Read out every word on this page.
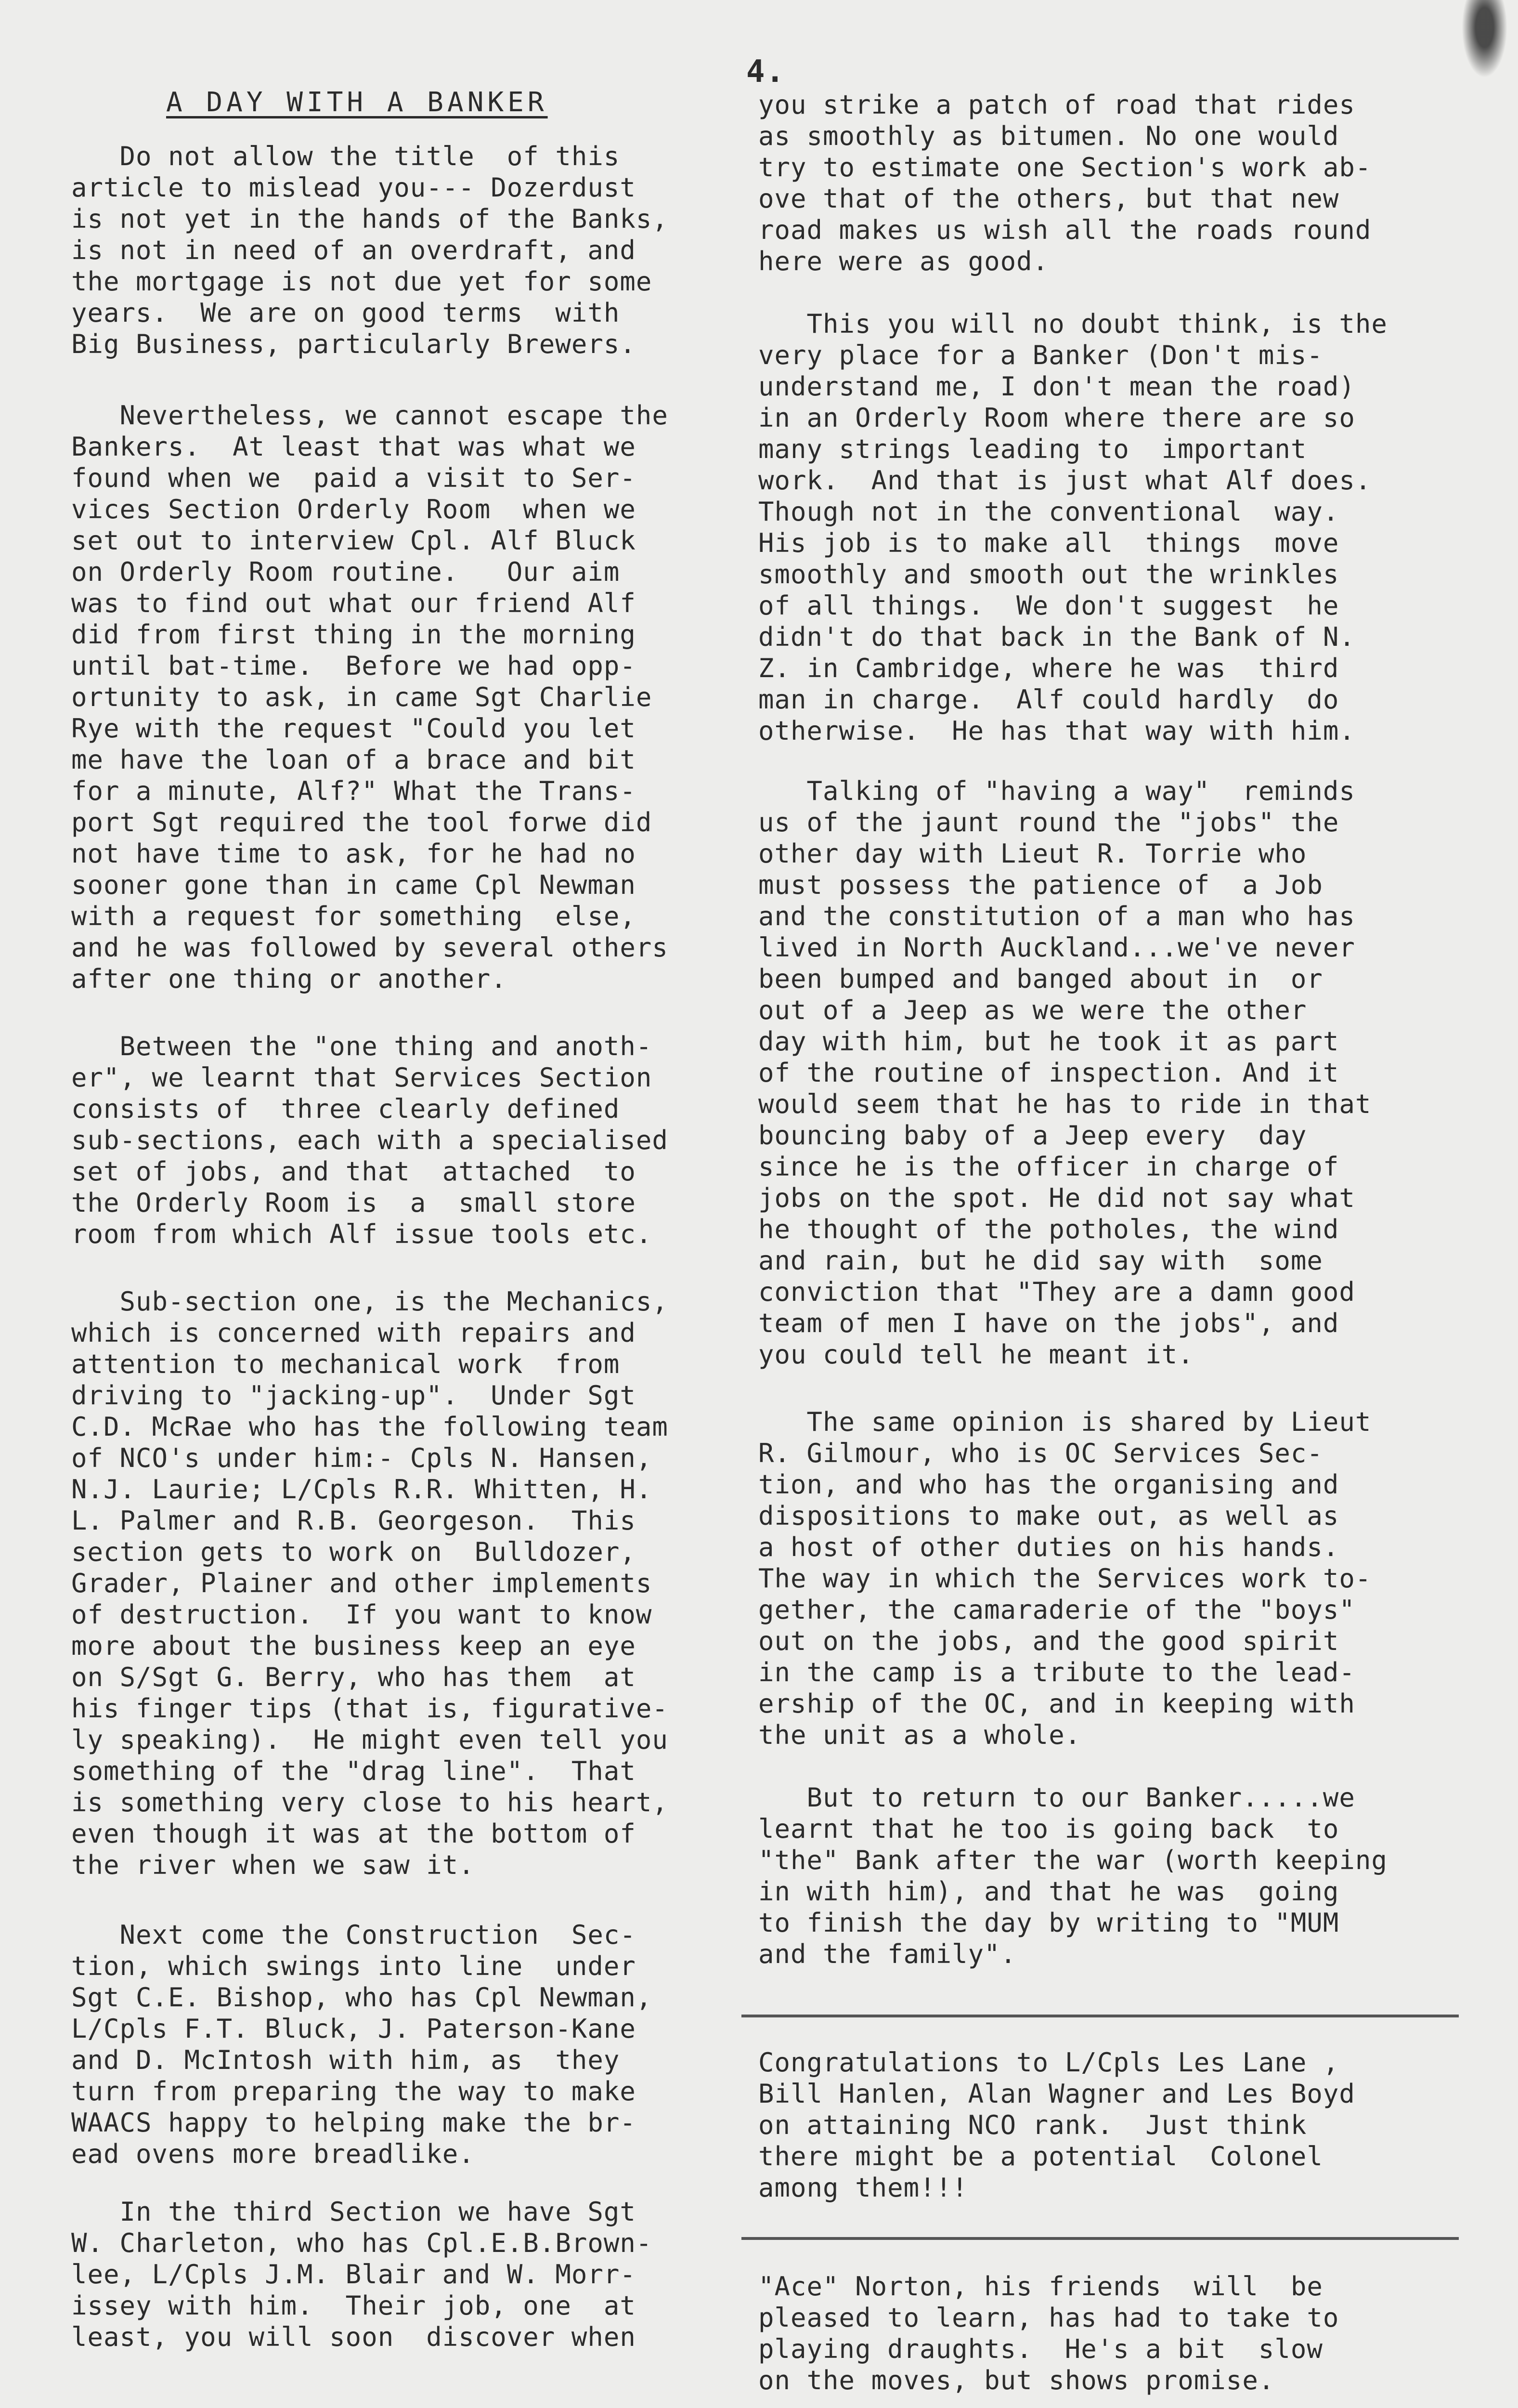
4.
A DAY WITH A BANKER
Do not allow the title  of this
article to mislead you--- Dozerdust
is not yet in the hands of the Banks,
is not in need of an overdraft, and
the mortgage is not due yet for some
years.  We are on good terms  with
Big Business, particularly Brewers.
Nevertheless, we cannot escape the
Bankers.  At least that was what we
found when we  paid a visit to Ser-
vices Section Orderly Room  when we
set out to interview Cpl. Alf Bluck
on Orderly Room routine.   Our aim
was to find out what our friend Alf
did from first thing in the morning
until bat-time.  Before we had opp-
ortunity to ask, in came Sgt Charlie
Rye with the request "Could you let
me have the loan of a brace and bit
for a minute, Alf?" What the Trans-
port Sgt required the tool forwe did
not have time to ask, for he had no
sooner gone than in came Cpl Newman
with a request for something  else,
and he was followed by several others
after one thing or another.
Between the "one thing and anoth-
er", we learnt that Services Section
consists of  three clearly defined
sub-sections, each with a specialised
set of jobs, and that  attached  to
the Orderly Room is  a  small store
room from which Alf issue tools etc.
Sub-section one, is the Mechanics,
which is concerned with repairs and
attention to mechanical work  from
driving to "jacking-up".  Under Sgt
C.D. McRae who has the following team
of NCO's under him:- Cpls N. Hansen,
N.J. Laurie; L/Cpls R.R. Whitten, H.
L. Palmer and R.B. Georgeson.  This
section gets to work on  Bulldozer,
Grader, Plainer and other implements
of destruction.  If you want to know
more about the business keep an eye
on S/Sgt G. Berry, who has them  at
his finger tips (that is, figurative-
ly speaking).  He might even tell you
something of the "drag line".  That
is something very close to his heart,
even though it was at the bottom of
the river when we saw it.
Next come the Construction  Sec-
tion, which swings into line  under
Sgt C.E. Bishop, who has Cpl Newman,
L/Cpls F.T. Bluck, J. Paterson-Kane
and D. McIntosh with him, as  they
turn from preparing the way to make
WAACS happy to helping make the br-
ead ovens more breadlike.
In the third Section we have Sgt
W. Charleton, who has Cpl.E.B.Brown-
lee, L/Cpls J.M. Blair and W. Morr-
issey with him.  Their job, one  at
least, you will soon  discover when
you strike a patch of road that rides
as smoothly as bitumen. No one would
try to estimate one Section's work ab-
ove that of the others, but that new
road makes us wish all the roads round
here were as good.
This you will no doubt think, is the
very place for a Banker (Don't mis-
understand me, I don't mean the road)
in an Orderly Room where there are so
many strings leading to  important
work.  And that is just what Alf does.
Though not in the conventional  way.
His job is to make all  things  move
smoothly and smooth out the wrinkles
of all things.  We don't suggest  he
didn't do that back in the Bank of N.
Z. in Cambridge, where he was  third
man in charge.  Alf could hardly  do
otherwise.  He has that way with him.
Talking of "having a way"  reminds
us of the jaunt round the "jobs" the
other day with Lieut R. Torrie who
must possess the patience of  a Job
and the constitution of a man who has
lived in North Auckland...we've never
been bumped and banged about in  or
out of a Jeep as we were the other
day with him, but he took it as part
of the routine of inspection. And it
would seem that he has to ride in that
bouncing baby of a Jeep every  day
since he is the officer in charge of
jobs on the spot. He did not say what
he thought of the potholes, the wind
and rain, but he did say with  some
conviction that "They are a damn good
team of men I have on the jobs", and
you could tell he meant it.
The same opinion is shared by Lieut
R. Gilmour, who is OC Services Sec-
tion, and who has the organising and
dispositions to make out, as well as
a host of other duties on his hands.
The way in which the Services work to-
gether, the camaraderie of the "boys"
out on the jobs, and the good spirit
in the camp is a tribute to the lead-
ership of the OC, and in keeping with
the unit as a whole.
But to return to our Banker.....we
learnt that he too is going back  to
"the" Bank after the war (worth keeping
in with him), and that he was  going
to finish the day by writing to "MUM
and the family".
Congratulations to L/Cpls Les Lane ,
Bill Hanlen, Alan Wagner and Les Boyd
on attaining NCO rank.  Just think
there might be a potential  Colonel
among them!!!
"Ace" Norton, his friends  will  be
pleased to learn, has had to take to
playing draughts.  He's a bit  slow
on the moves, but shows promise.
